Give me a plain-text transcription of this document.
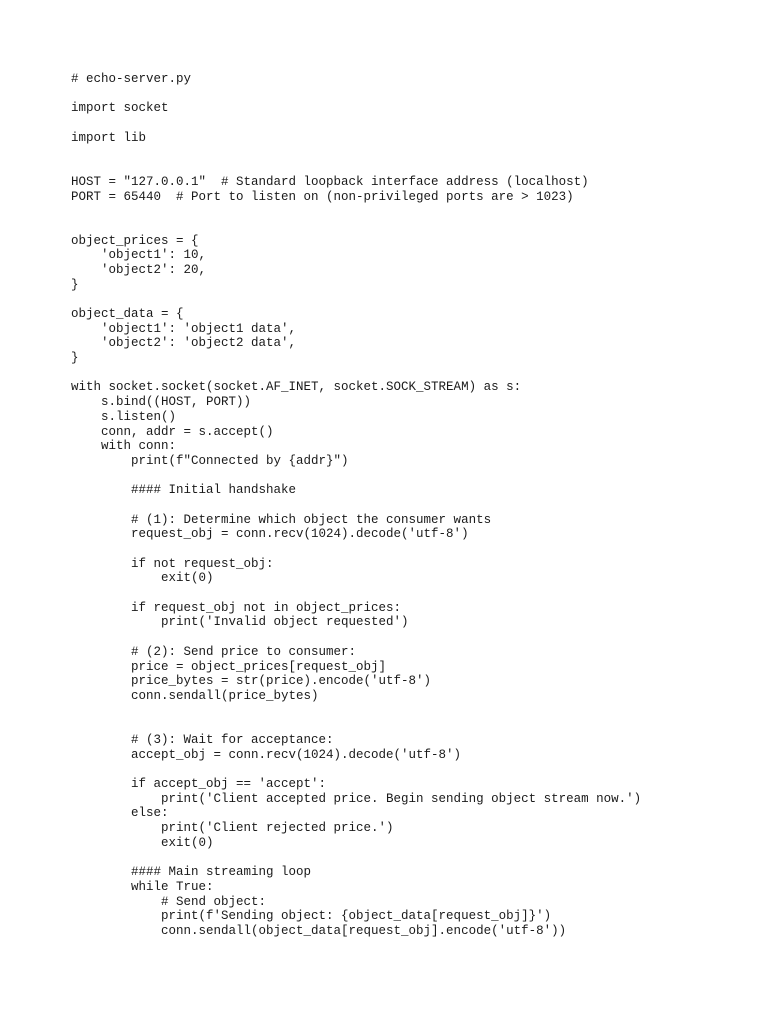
# echo-server.py
import socket
import lib
HOST = "127.0.0.1"  # Standard loopback interface address (localhost)
PORT = 65440  # Port to listen on (non-privileged ports are > 1023)
object_prices = {
'object1': 10,
'object2': 20,
}
object_data = {
'object1': 'object1 data',
'object2': 'object2 data',
}
with socket.socket(socket.AF_INET, socket.SOCK_STREAM) as s:
s.bind((HOST, PORT))
s.listen()
conn, addr = s.accept()
with conn:
print(f"Connected by {addr}")
#### Initial handshake
# (1): Determine which object the consumer wants
request_obj = conn.recv(1024).decode('utf-8')
if not request_obj:
exit(0)
if request_obj not in object_prices:
print('Invalid object requested')
# (2): Send price to consumer:
price = object_prices[request_obj]
price_bytes = str(price).encode('utf-8')
conn.sendall(price_bytes)
# (3): Wait for acceptance:
accept_obj = conn.recv(1024).decode('utf-8')
if accept_obj == 'accept':
print('Client accepted price. Begin sending object stream now.')
else:
print('Client rejected price.')
exit(0)
#### Main streaming loop
while True:
# Send object:
print(f'Sending object: {object_data[request_obj]}')
conn.sendall(object_data[request_obj].encode('utf-8'))
